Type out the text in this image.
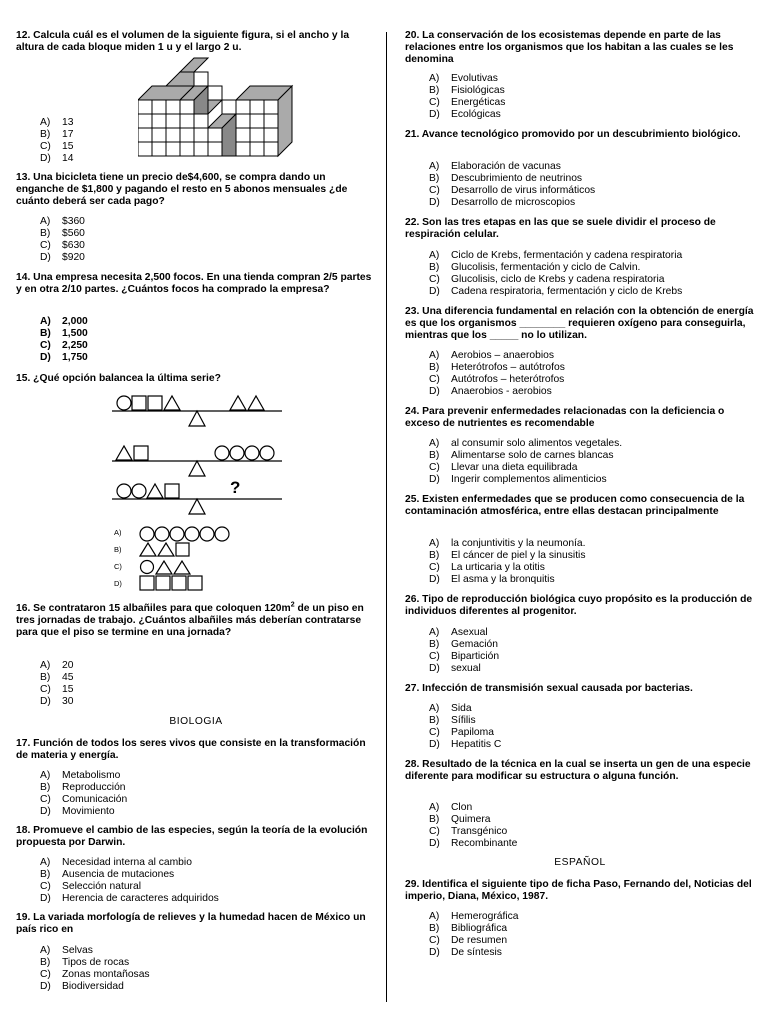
12. Calcula cuál es el volumen de la siguiente figura, si el ancho y la altura de cada bloque miden 1 u y el largo 2 u.
A) 13
B) 17
C) 15
D) 14
13. Una bicicleta tiene un precio de$4,600, se compra dando un enganche de $1,800 y pagando el resto en 5 abonos mensuales ¿de cuánto deberá ser cada pago?
A) $360
B) $560
C) $630
D) $920
14. Una empresa necesita 2,500 focos. En una tienda compran 2/5 partes y en otra 2/10 partes. ¿Cuántos focos ha comprado la empresa?
A) 2,000
B) 1,500
C) 2,250
D) 1,750
15. ¿Qué opción balancea la última serie?
?
A)
B)
C)
D)
16. Se contrataron 15 albañiles para que coloquen $120m^2$ de un piso en tres jornadas de trabajo. ¿Cuántos albañiles más deberían contratarse para que el piso se termine en una jornada?
A) 20
B) 45
C) 15
D) 30
BIOLOGIA
17. Función de todos los seres vivos que consiste en la transformación de materia y energía.
A) Metabolismo
B) Reproducción
C) Comunicación
D) Movimiento
18. Promueve el cambio de las especies, según la teoría de la evolución propuesta por Darwin.
A) Necesidad interna al cambio
B) Ausencia de mutaciones
C) Selección natural
D) Herencia de caracteres adquiridos
19. La variada morfología de relieves y la humedad hacen de México un país rico en
A) Selvas
B) Tipos de rocas
C) Zonas montañosas
D) Biodiversidad
20. La conservación de los ecosistemas depende en parte de las relaciones entre los organismos que los habitan a las cuales se les denomina
A) Evolutivas
B) Fisiológicas
C) Energéticas
D) Ecológicas
21. Avance tecnológico promovido por un descubrimiento biológico.
A) Elaboración de vacunas
B) Descubrimiento de neutrinos
C) Desarrollo de virus informáticos
D) Desarrollo de microscopios
22. Son las tres etapas en las que se suele dividir el proceso de respiración celular.
A) Ciclo de Krebs, fermentación y cadena respiratoria
B) Glucolisis, fermentación y ciclo de Calvin.
C) Glucolisis, ciclo de Krebs y cadena respiratoria
D) Cadena respiratoria, fermentación y ciclo de Krebs
23. Una diferencia fundamental en relación con la obtención de energía es que los organismos ________ requieren oxígeno para conseguirla, mientras que los _____ no lo utilizan.
A) Aerobios – anaerobios
B) Heterótrofos – autótrofos
C) Autótrofos – heterótrofos
D) Anaerobios - aerobios
24. Para prevenir enfermedades relacionadas con la deficiencia o exceso de nutrientes es recomendable
A) al consumir solo alimentos vegetales.
B) Alimentarse solo de carnes blancas
C) Llevar una dieta equilibrada
D) Ingerir complementos alimenticios
25. Existen enfermedades que se producen como consecuencia de la contaminación atmosférica, entre ellas destacan principalmente
A) la conjuntivitis y la neumonía.
B) El cáncer de piel y la sinusitis
C) La urticaria y la otitis
D) El asma y la bronquitis
26. Tipo de reproducción biológica cuyo propósito es la producción de individuos diferentes al progenitor.
A) Asexual
B) Gemación
C) Bipartición
D) sexual
27. Infección de transmisión sexual causada por bacterias.
A) Sida
B) Sífilis
C) Papiloma
D) Hepatitis C
28. Resultado de la técnica en la cual se inserta un gen de una especie diferente para modificar su estructura o alguna función.
A) Clon
B) Quimera
C) Transgénico
D) Recombinante
ESPAÑOL
29. Identifica el siguiente tipo de ficha Paso, Fernando del, Noticias del imperio, Diana, México, 1987.
A) Hemerográfica
B) Bibliográfica
C) De resumen
D) De síntesis
